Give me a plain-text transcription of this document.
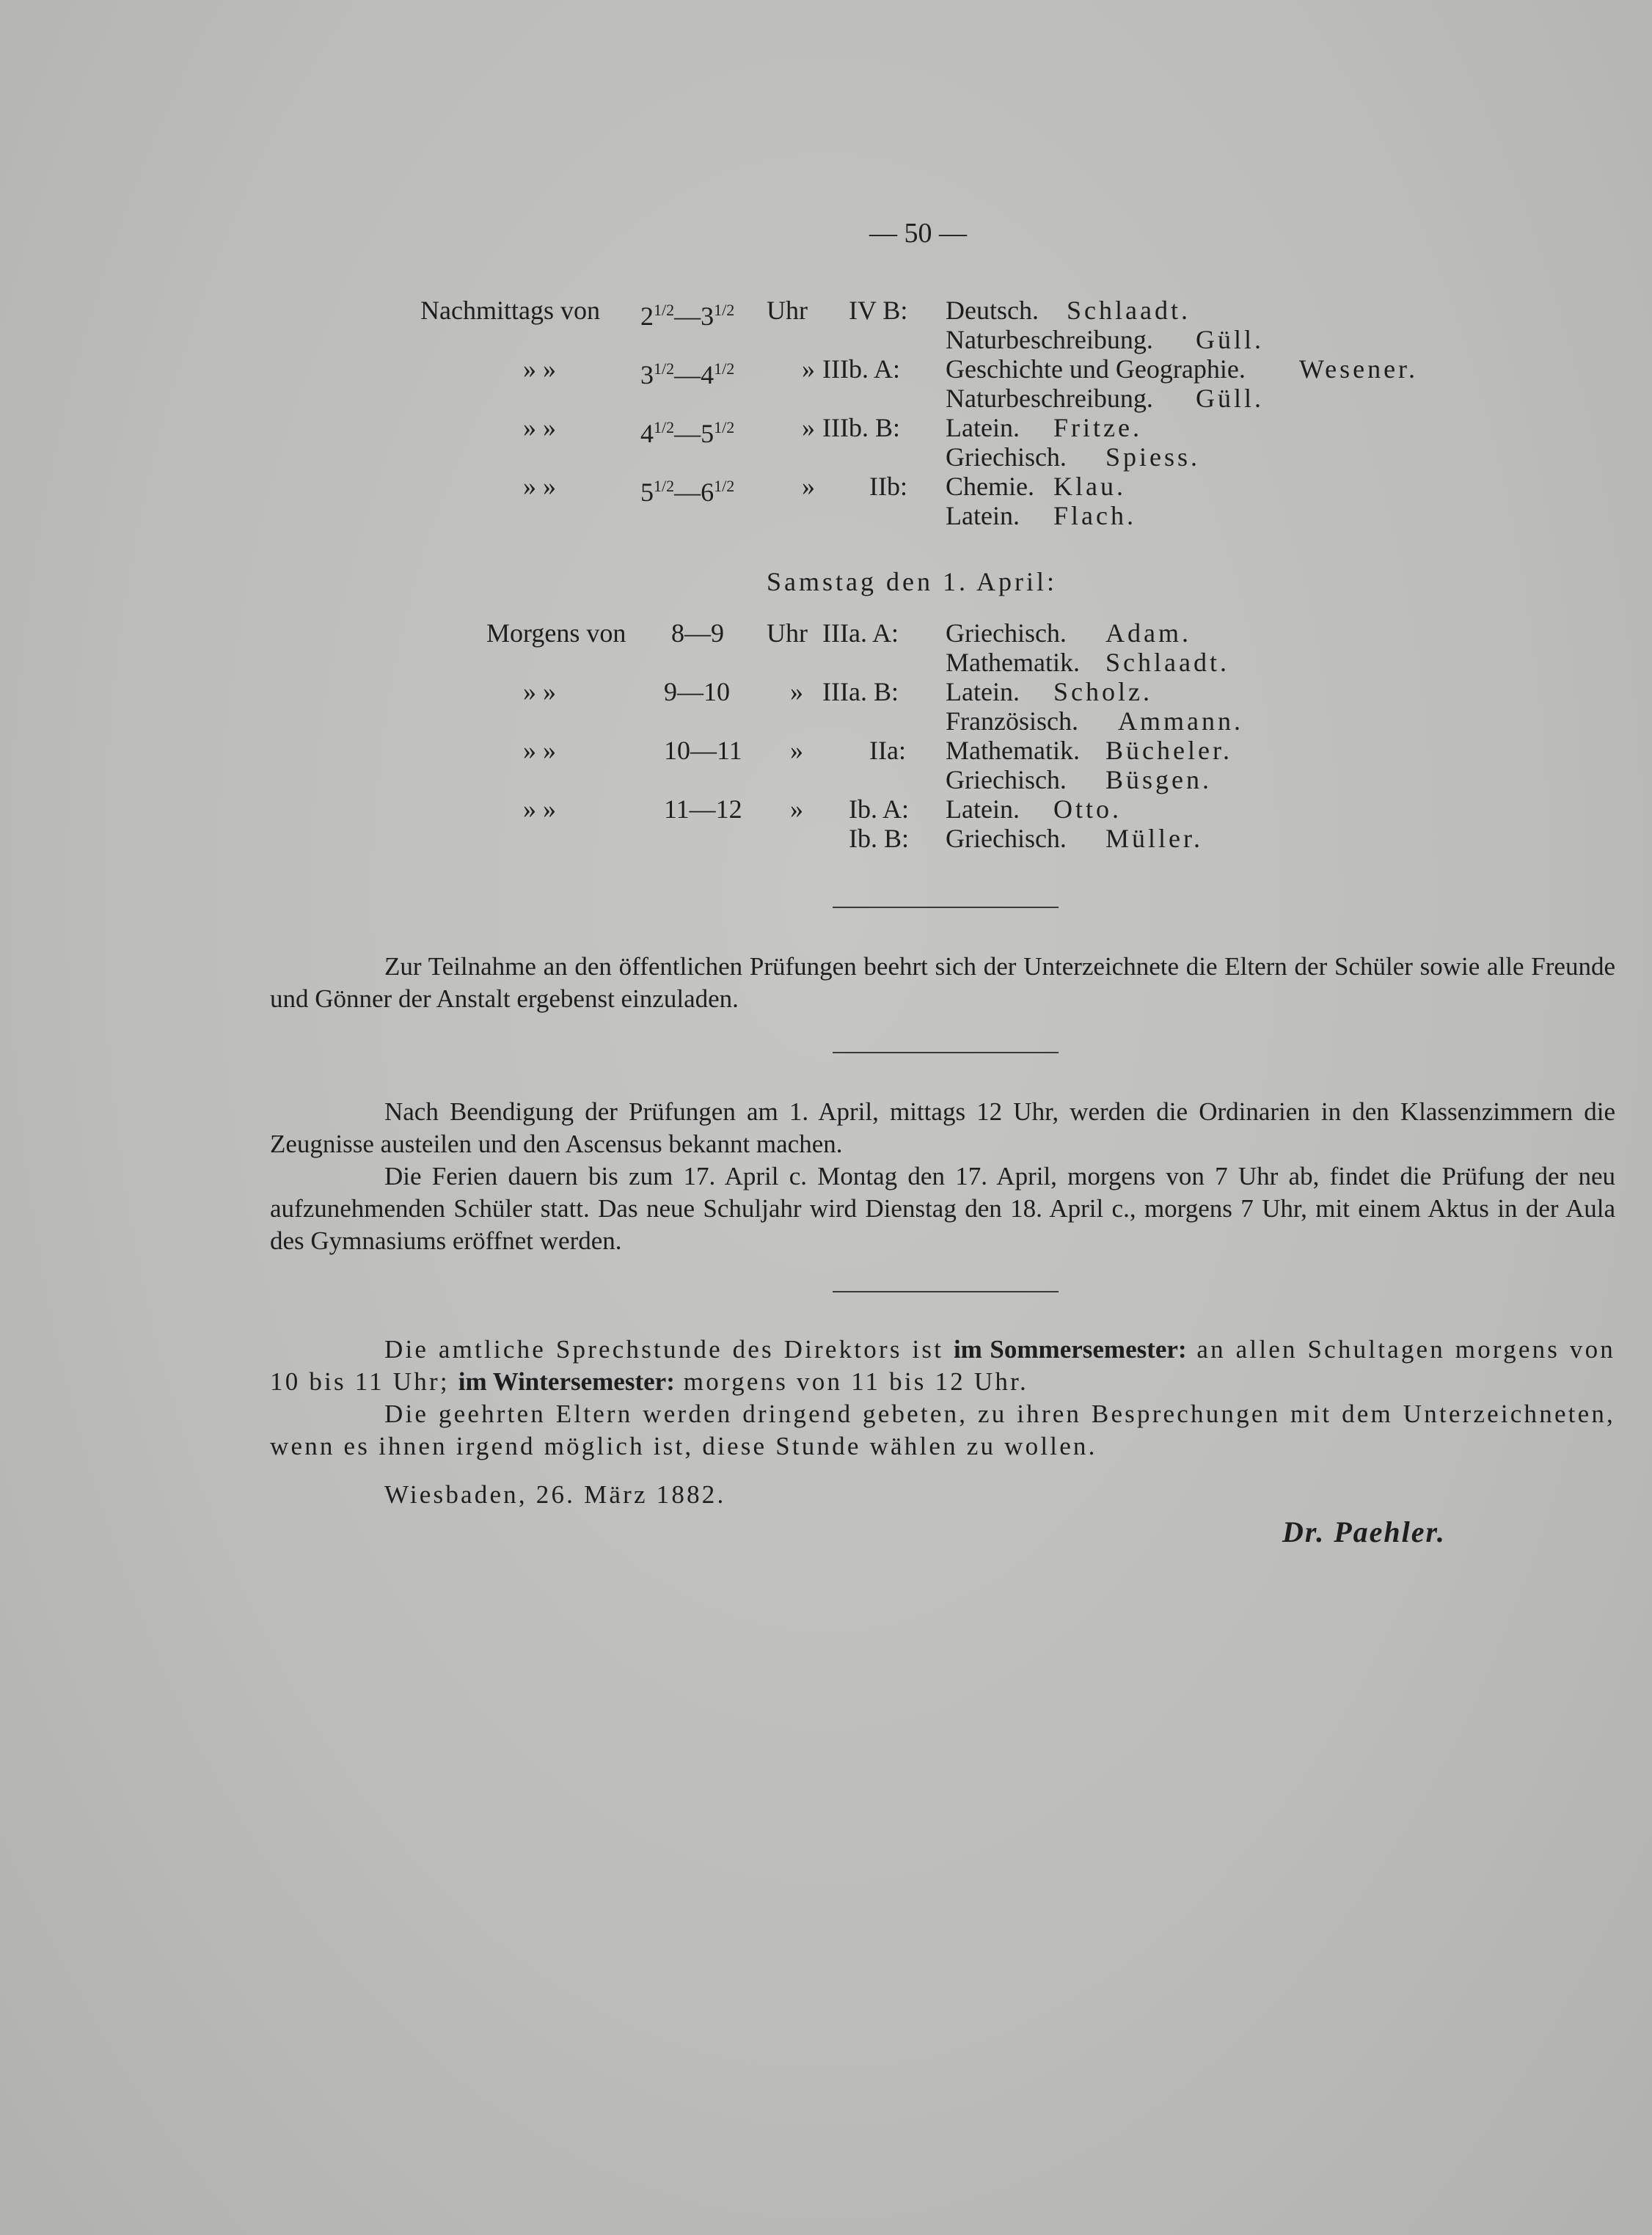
— 50 —
Samstag den 1. April:

Zur Teilnahme an den öffentlichen Prüfungen beehrt sich der Unterzeichnete die Eltern der Schüler sowie alle Freunde und Gönner der Anstalt ergebenst einzuladen.

Nach Beendigung der Prüfungen am 1. April, mittags 12 Uhr, werden die Ordinarien in den Klassenzimmern die Zeugnisse austeilen und den Ascensus bekannt machen.

Die Ferien dauern bis zum 17. April c. Montag den 17. April, morgens von 7 Uhr ab, findet die Prüfung der neu aufzunehmenden Schüler statt. Das neue Schuljahr wird Dienstag den 18. April c., morgens 7 Uhr, mit einem Aktus in der Aula des Gymnasiums eröffnet werden.

Die amtliche Sprechstunde des Direktors ist im Sommersemester: an allen Schultagen morgens von 10 bis 11 Uhr; im Wintersemester: morgens von 11 bis 12 Uhr.

Die geehrten Eltern werden dringend gebeten, zu ihren Besprechungen mit dem Unterzeichneten, wenn es ihnen irgend möglich ist, diese Stunde wählen zu wollen.

Wiesbaden, 26. März 1882.
Dr. Paehler.
Nachmittags von $2^{1/2}—3^{1/2}$ Uhr IV B: Deutsch. Schlaadt.
Naturbeschreibung. Güll.
» »	$3^{1/2}—4^{1/2}$	» IIIb. A: Geschichte und Geographie. Wesener.
Naturbeschreibung. Güll.
» »	$4^{1/2}—5^{1/2}$	» IIIb. B: Latein. Fritze.
Griechisch. Spiess.
» »	$5^{1/2}—6^{1/2}$	» IIb: Chemie. Klau.
Latein. Flach.
Morgens von 8—9 Uhr IIIa. A: Griechisch. Adam.
Mathematik. Schlaadt.
» »	9—10 » IIIa. B: Latein. Scholz.
Französisch. Ammann.
» »	10—11 »	IIa: Mathematik. Bücheler.
Griechisch. Büsgen.
» »	11—12 » Ib. A: Latein. Otto.
Ib. B: Griechisch. Müller.
